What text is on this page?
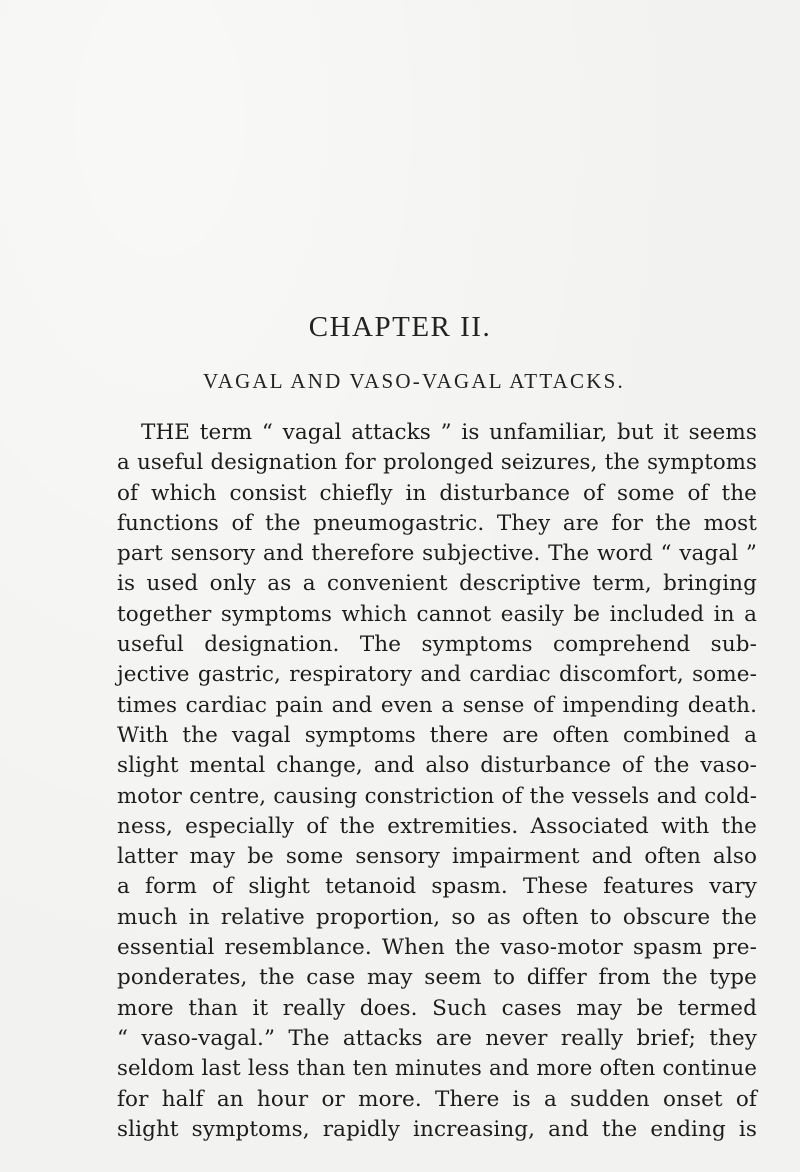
CHAPTER II.
VAGAL AND VASO-VAGAL ATTACKS.
THE term “ vagal attacks ” is unfamiliar, but it seems
a useful designation for prolonged seizures, the symptoms
of which consist chiefly in disturbance of some of the
functions of the pneumogastric. They are for the most
part sensory and therefore subjective. The word “ vagal ”
is used only as a convenient descriptive term, bringing
together symptoms which cannot easily be included in a
useful designation. The symptoms comprehend sub-
jective gastric, respiratory and cardiac discomfort, some-
times cardiac pain and even a sense of impending death.
With the vagal symptoms there are often combined a
slight mental change, and also disturbance of the vaso-
motor centre, causing constriction of the vessels and cold-
ness, especially of the extremities. Associated with the
latter may be some sensory impairment and often also
a form of slight tetanoid spasm. These features vary
much in relative proportion, so as often to obscure the
essential resemblance. When the vaso-motor spasm pre-
ponderates, the case may seem to differ from the type
more than it really does. Such cases may be termed
“ vaso-vagal.” The attacks are never really brief; they
seldom last less than ten minutes and more often continue
for half an hour or more. There is a sudden onset of
slight symptoms, rapidly increasing, and the ending is
